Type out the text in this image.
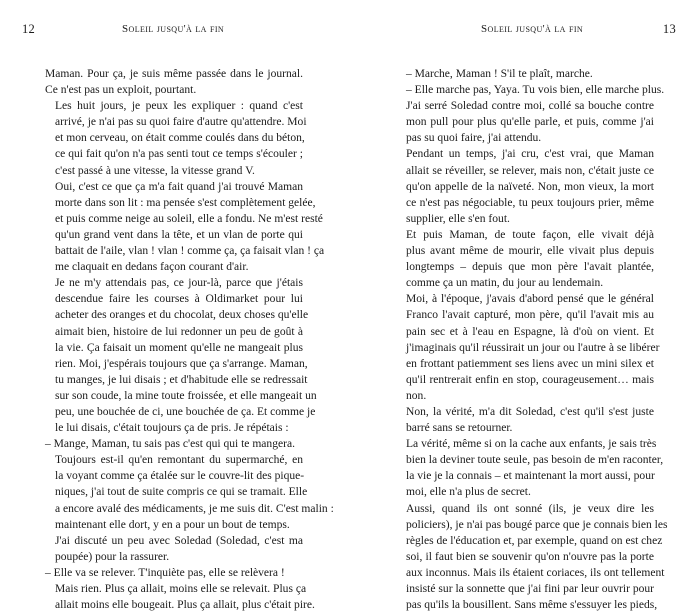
12	Soleil jusqu'à la fin

Maman. Pour ça, je suis même passée dans le journal.
Ce n'est pas un exploit, pourtant.

Les huit jours, je peux les expliquer : quand c'est
arrivé, je n'ai pas su quoi faire d'autre qu'attendre. Moi
et mon cerveau, on était comme coulés dans du béton,
ce qui fait qu'on n'a pas senti tout ce temps s'écouler ;
c'est passé à une vitesse, la vitesse grand V.

Oui, c'est ce que ça m'a fait quand j'ai trouvé Maman
morte dans son lit : ma pensée s'est complètement gelée,
et puis comme neige au soleil, elle a fondu. Ne m'est resté
qu'un grand vent dans la tête, et un vlan de porte qui
battait de l'aile, vlan ! vlan ! comme ça, ça faisait vlan ! ça
me claquait en dedans façon courant d'air.

Je ne m'y attendais pas, ce jour-là, parce que j'étais
descendue faire les courses à Oldimarket pour lui
acheter des oranges et du chocolat, deux choses qu'elle
aimait bien, histoire de lui redonner un peu de goût à
la vie. Ça faisait un moment qu'elle ne mangeait plus
rien. Moi, j'espérais toujours que ça s'arrange. Maman,
tu manges, je lui disais ; et d'habitude elle se redressait
sur son coude, la mine toute froissée, et elle mangeait un
peu, une bouchée de ci, une bouchée de ça. Et comme je
le lui disais, c'était toujours ça de pris. Je répétais :

– Mange, Maman, tu sais pas c'est qui qui te mangera.

Toujours est-il qu'en remontant du supermarché, en
la voyant comme ça étalée sur le couvre-lit des pique-
niques, j'ai tout de suite compris ce qui se tramait. Elle
a encore avalé des médicaments, je me suis dit. C'est malin :
maintenant elle dort, y en a pour un bout de temps.

J'ai discuté un peu avec Soledad (Soledad, c'est ma
poupée) pour la rassurer.

– Elle va se relever. T'inquiète pas, elle se relèvera !

Mais rien. Plus ça allait, moins elle se relevait. Plus ça
allait moins elle bougeait. Plus ça allait, plus c'était pire.

Soleil jusqu'à la fin	13

– Marche, Maman ! S'il te plaît, marche.

– Elle marche pas, Yaya. Tu vois bien, elle marche plus.

J'ai serré Soledad contre moi, collé sa bouche contre
mon pull pour plus qu'elle parle, et puis, comme j'ai
pas su quoi faire, j'ai attendu.

Pendant un temps, j'ai cru, c'est vrai, que Maman
allait se réveiller, se relever, mais non, c'était juste ce
qu'on appelle de la naïveté. Non, mon vieux, la mort
ce n'est pas négociable, tu peux toujours prier, même
supplier, elle s'en fout.

Et puis Maman, de toute façon, elle vivait déjà
plus avant même de mourir, elle vivait plus depuis
longtemps – depuis que mon père l'avait plantée,
comme ça un matin, du jour au lendemain.

Moi, à l'époque, j'avais d'abord pensé que le général
Franco l'avait capturé, mon père, qu'il l'avait mis au
pain sec et à l'eau en Espagne, là d'où on vient. Et
j'imaginais qu'il réussirait un jour ou l'autre à se libérer
en frottant patiemment ses liens avec un mini silex et
qu'il rentrerait enfin en stop, courageusement… mais
non.

Non, la vérité, m'a dit Soledad, c'est qu'il s'est juste
barré sans se retourner.

La vérité, même si on la cache aux enfants, je sais très
bien la deviner toute seule, pas besoin de m'en raconter,
la vie je la connais – et maintenant la mort aussi, pour
moi, elle n'a plus de secret.

Aussi, quand ils ont sonné (ils, je veux dire les
policiers), je n'ai pas bougé parce que je connais bien les
règles de l'éducation et, par exemple, quand on est chez
soi, il faut bien se souvenir qu'on n'ouvre pas la porte
aux inconnus. Mais ils étaient coriaces, ils ont tellement
insisté sur la sonnette que j'ai fini par leur ouvrir pour
pas qu'ils la bousillent. Sans même s'essuyer les pieds,
